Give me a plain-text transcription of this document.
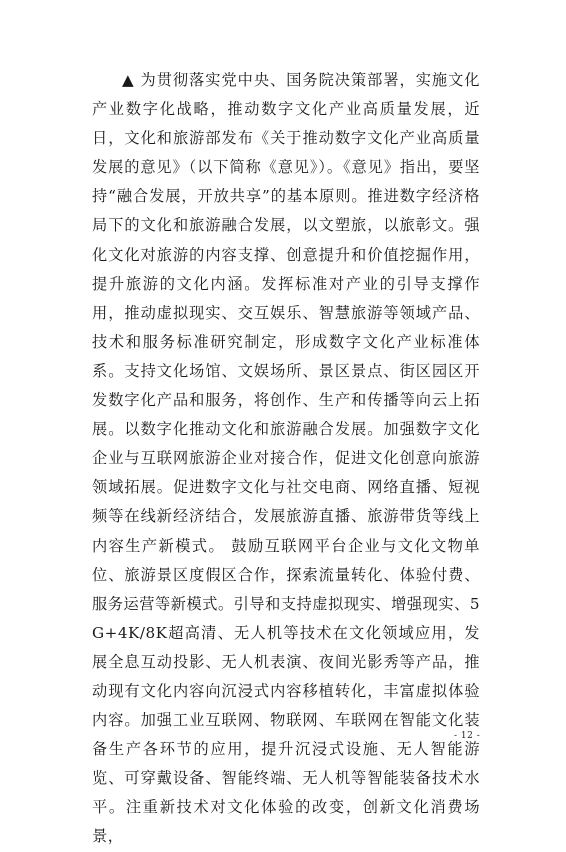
▲ 为贯彻落实党中央、国务院决策部署，实施文化产业数字化战略，推动数字文化产业高质量发展，近日，文化和旅游部发布《关于推动数字文化产业高质量发展的意见》（以下简称《意见》）。《意见》指出，要坚持“融合发展，开放共享”的基本原则。推进数字经济格局下的文化和旅游融合发展，以文塑旅，以旅彰文。强化文化对旅游的内容支撑、创意提升和价值挖掘作用，提升旅游的文化内涵。发挥标准对产业的引导支撑作用，推动虚拟现实、交互娱乐、智慧旅游等领域产品、技术和服务标准研究制定，形成数字文化产业标准体系。支持文化场馆、文娱场所、景区景点、街区园区开发数字化产品和服务，将创作、生产和传播等向云上拓展。以数字化推动文化和旅游融合发展。加强数字文化企业与互联网旅游企业对接合作，促进文化创意向旅游领域拓展。促进数字文化与社交电商、网络直播、短视频等在线新经济结合，发展旅游直播、旅游带货等线上内容生产新模式。 鼓励互联网平台企业与文化文物单位、旅游景区度假区合作，探索流量转化、体验付费、服务运营等新模式。引导和支持虚拟现实、增强现实、5G+4K/8K超高清、无人机等技术在文化领域应用，发展全息互动投影、无人机表演、夜间光影秀等产品，推动现有文化内容向沉浸式内容移植转化，丰富虚拟体验内容。加强工业互联网、物联网、车联网在智能文化装备生产各环节的应用，提升沉浸式设施、无人智能游览、可穿戴设备、智能终端、无人机等智能装备技术水平。注重新技术对文化体验的改变，创新文化消费场景，

- 12 -
